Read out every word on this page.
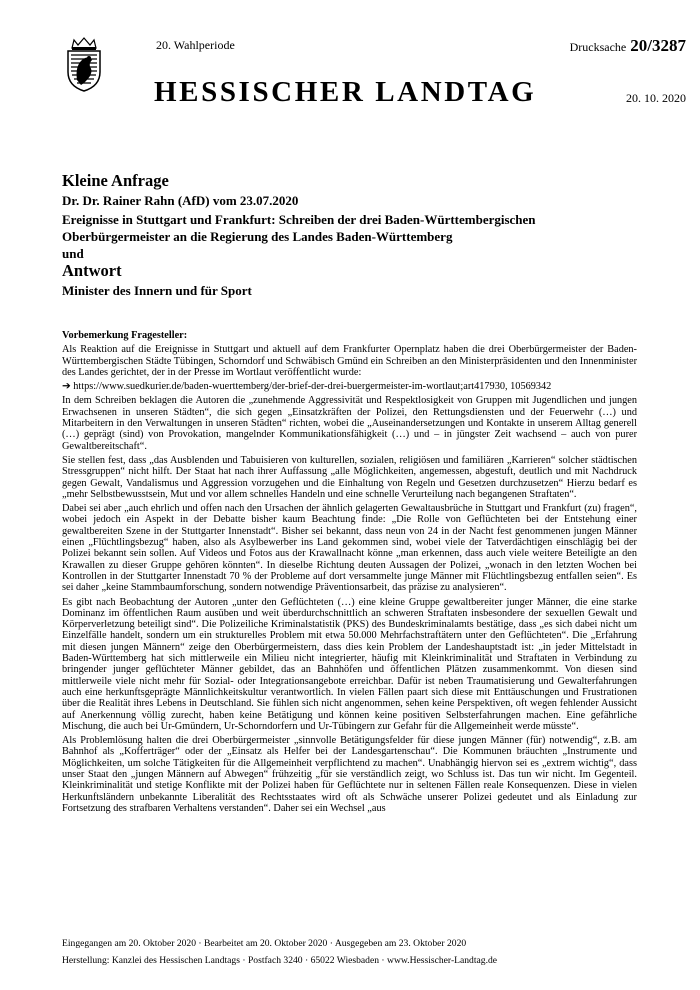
20. Wahlperiode	Drucksache 20/3287
HESSISCHER LANDTAG	20. 10. 2020
Kleine Anfrage
Dr. Dr. Rainer Rahn (AfD) vom 23.07.2020
Ereignisse in Stuttgart und Frankfurt: Schreiben der drei Baden-Württembergischen Oberbürgermeister an die Regierung des Landes Baden-Württemberg
und
Antwort
Minister des Innern und für Sport

Vorbemerkung Fragesteller:

Als Reaktion auf die Ereignisse in Stuttgart und aktuell auf dem Frankfurter Opernplatz haben die drei Oberbürgermeister der Baden-Württembergischen Städte Tübingen, Schorndorf und Schwäbisch Gmünd ein Schreiben an den Ministerpräsidenten und den Innenminister des Landes gerichtet, der in der Presse im Wortlaut veröffentlicht wurde:

➔ https://www.suedkurier.de/baden-wuerttemberg/der-brief-der-drei-buergermeister-im-wortlaut;art417930, 10569342

In dem Schreiben beklagen die Autoren die „zunehmende Aggressivität und Respektlosigkeit von Gruppen mit Jugendlichen und jungen Erwachsenen in unseren Städten“, die sich gegen „Einsatzkräften der Polizei, den Rettungsdiensten und der Feuerwehr (…) und Mitarbeitern in den Verwaltungen in unseren Städten“ richten, wobei die „Auseinandersetzungen und Kontakte in unserem Alltag generell (…) geprägt (sind) von Provokation, mangelnder Kommunikationsfähigkeit (…) und – in jüngster Zeit wachsend – auch von purer Gewaltbereitschaft“.

Sie stellen fest, dass „das Ausblenden und Tabuisieren von kulturellen, sozialen, religiösen und familiären „Karrieren“ solcher städtischen Stressgruppen“ nicht hilft. Der Staat hat nach ihrer Auffassung „alle Möglichkeiten, angemessen, abgestuft, deutlich und mit Nachdruck gegen Gewalt, Vandalismus und Aggression vorzugehen und die Einhaltung von Regeln und Gesetzen durchzusetzen“ Hierzu bedarf es „mehr Selbstbewusstsein, Mut und vor allem schnelles Handeln und eine schnelle Verurteilung nach begangenen Straftaten“.

Dabei sei aber „auch ehrlich und offen nach den Ursachen der ähnlich gelagerten Gewaltausbrüche in Stuttgart und Frankfurt (zu) fragen“, wobei jedoch ein Aspekt in der Debatte bisher kaum Beachtung finde: „Die Rolle von Geflüchteten bei der Entstehung einer gewaltbereiten Szene in der Stuttgarter Innenstadt“. Bisher sei bekannt, dass neun von 24 in der Nacht fest genommenen jungen Männer einen „Flüchtlingsbezug“ haben, also als Asylbewerber ins Land gekommen sind, wobei viele der Tatverdächtigen einschlägig bei der Polizei bekannt sein sollen. Auf Videos und Fotos aus der Krawallnacht könne „man erkennen, dass auch viele weitere Beteiligte an den Krawallen zu dieser Gruppe gehören könnten“. In dieselbe Richtung deuten Aussagen der Polizei, „wonach in den letzten Wochen bei Kontrollen in der Stuttgarter Innenstadt 70 % der Probleme auf dort versammelte junge Männer mit Flüchtlingsbezug entfallen seien“. Es sei daher „keine Stammbaumforschung, sondern notwendige Präventionsarbeit, das präzise zu analysieren“.

Es gibt nach Beobachtung der Autoren „unter den Geflüchteten (…) eine kleine Gruppe gewaltbereiter junger Männer, die eine starke Dominanz im öffentlichen Raum ausüben und weit überdurchschnittlich an schweren Straftaten insbesondere der sexuellen Gewalt und Körperverletzung beteiligt sind“. Die Polizeiliche Kriminalstatistik (PKS) des Bundeskriminalamts bestätige, dass „es sich dabei nicht um Einzelfälle handelt, sondern um ein strukturelles Problem mit etwa 50.000 Mehrfachstraftätern unter den Geflüchteten“. Die „Erfahrung mit diesen jungen Männern“ zeige den Oberbürgermeistern, dass dies kein Problem der Landeshauptstadt ist: „in jeder Mittelstadt in Baden-Württemberg hat sich mittlerweile ein Milieu nicht integrierter, häufig mit Kleinkriminalität und Straftaten in Verbindung zu bringender junger geflüchteter Männer gebildet, das an Bahnhöfen und öffentlichen Plätzen zusammenkommt. Von diesen sind mittlerweile viele nicht mehr für Sozial- oder Integrationsangebote erreichbar. Dafür ist neben Traumatisierung und Gewalterfahrungen auch eine herkunftsgeprägte Männlichkeitskultur verantwortlich. In vielen Fällen paart sich diese mit Enttäuschungen und Frustrationen über die Realität ihres Lebens in Deutschland. Sie fühlen sich nicht angenommen, sehen keine Perspektiven, oft wegen fehlender Aussicht auf Anerkennung völlig zurecht, haben keine Betätigung und können keine positiven Selbsterfahrungen machen. Eine gefährliche Mischung, die auch bei Ur-Gmündern, Ur-Schorndorfern und Ur-Tübingern zur Gefahr für die Allgemeinheit werde müsste“.

Als Problemlösung halten die drei Oberbürgermeister „sinnvolle Betätigungsfelder für diese jungen Männer (für) notwendig“, z.B. am Bahnhof als „Kofferträger“ oder der „Einsatz als Helfer bei der Landesgartenschau“. Die Kommunen bräuchten „Instrumente und Möglichkeiten, um solche Tätigkeiten für die Allgemeinheit verpflichtend zu machen“. Unabhängig hiervon sei es „extrem wichtig“, dass unser Staat den „jungen Männern auf Abwegen“ frühzeitig „für sie verständlich zeigt, wo Schluss ist. Das tun wir nicht. Im Gegenteil. Kleinkriminalität und stetige Konflikte mit der Polizei haben für Geflüchtete nur in seltenen Fällen reale Konsequenzen. Diese in vielen Herkunftsländern unbekannte Liberalität des Rechtsstaates wird oft als Schwäche unserer Polizei gedeutet und als Einladung zur Fortsetzung des strafbaren Verhaltens verstanden“. Daher sei ein Wechsel „aus

Eingegangen am 20. Oktober 2020 · Bearbeitet am 20. Oktober 2020 · Ausgegeben am 23. Oktober 2020
Herstellung: Kanzlei des Hessischen Landtags · Postfach 3240 · 65022 Wiesbaden · www.Hessischer-Landtag.de
